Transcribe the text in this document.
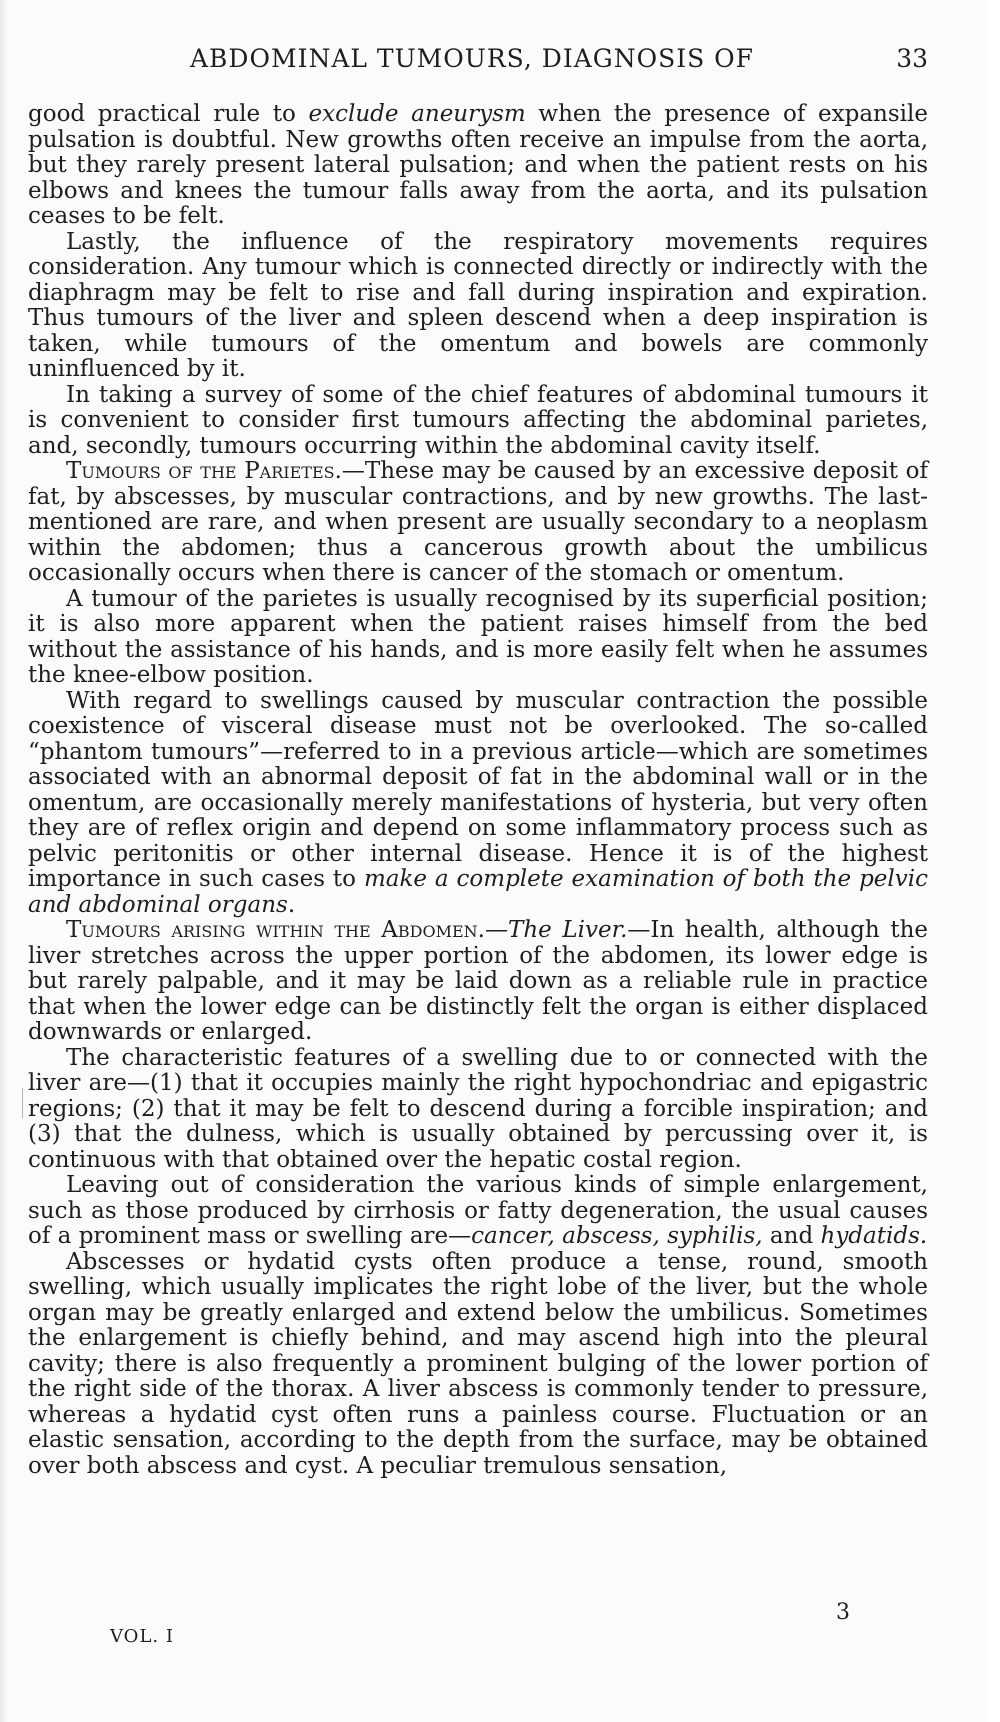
ABDOMINAL TUMOURS, DIAGNOSIS OF	33

good practical rule to exclude aneurysm when the presence of expansile pulsation is doubtful. New growths often receive an impulse from the aorta, but they rarely present lateral pulsation; and when the patient rests on his elbows and knees the tumour falls away from the aorta, and its pulsation ceases to be felt.

Lastly, the influence of the respiratory movements requires consideration. Any tumour which is connected directly or indirectly with the diaphragm may be felt to rise and fall during inspiration and expiration. Thus tumours of the liver and spleen descend when a deep inspiration is taken, while tumours of the omentum and bowels are commonly uninfluenced by it.

In taking a survey of some of the chief features of abdominal tumours it is convenient to consider first tumours affecting the abdominal parietes, and, secondly, tumours occurring within the abdominal cavity itself.

Tumours of the Parietes.—These may be caused by an excessive deposit of fat, by abscesses, by muscular contractions, and by new growths. The last-mentioned are rare, and when present are usually secondary to a neoplasm within the abdomen; thus a cancerous growth about the umbilicus occasionally occurs when there is cancer of the stomach or omentum.

A tumour of the parietes is usually recognised by its superficial position; it is also more apparent when the patient raises himself from the bed without the assistance of his hands, and is more easily felt when he assumes the knee-elbow position.

With regard to swellings caused by muscular contraction the possible coexistence of visceral disease must not be overlooked. The so-called “phantom tumours”—referred to in a previous article—which are sometimes associated with an abnormal deposit of fat in the abdominal wall or in the omentum, are occasionally merely manifestations of hysteria, but very often they are of reflex origin and depend on some inflammatory process such as pelvic peritonitis or other internal disease. Hence it is of the highest importance in such cases to make a complete examination of both the pelvic and abdominal organs.

Tumours arising within the Abdomen.—The Liver.—In health, although the liver stretches across the upper portion of the abdomen, its lower edge is but rarely palpable, and it may be laid down as a reliable rule in practice that when the lower edge can be distinctly felt the organ is either displaced downwards or enlarged.

The characteristic features of a swelling due to or connected with the liver are—(1) that it occupies mainly the right hypochondriac and epigastric regions; (2) that it may be felt to descend during a forcible inspiration; and (3) that the dulness, which is usually obtained by percussing over it, is continuous with that obtained over the hepatic costal region.

Leaving out of consideration the various kinds of simple enlargement, such as those produced by cirrhosis or fatty degeneration, the usual causes of a prominent mass or swelling are—cancer, abscess, syphilis, and hydatids.

Abscesses or hydatid cysts often produce a tense, round, smooth swelling, which usually implicates the right lobe of the liver, but the whole organ may be greatly enlarged and extend below the umbilicus. Sometimes the enlargement is chiefly behind, and may ascend high into the pleural cavity; there is also frequently a prominent bulging of the lower portion of the right side of the thorax. A liver abscess is commonly tender to pressure, whereas a hydatid cyst often runs a painless course. Fluctuation or an elastic sensation, according to the depth from the surface, may be obtained over both abscess and cyst. A peculiar tremulous sensation,

VOL. I
3
